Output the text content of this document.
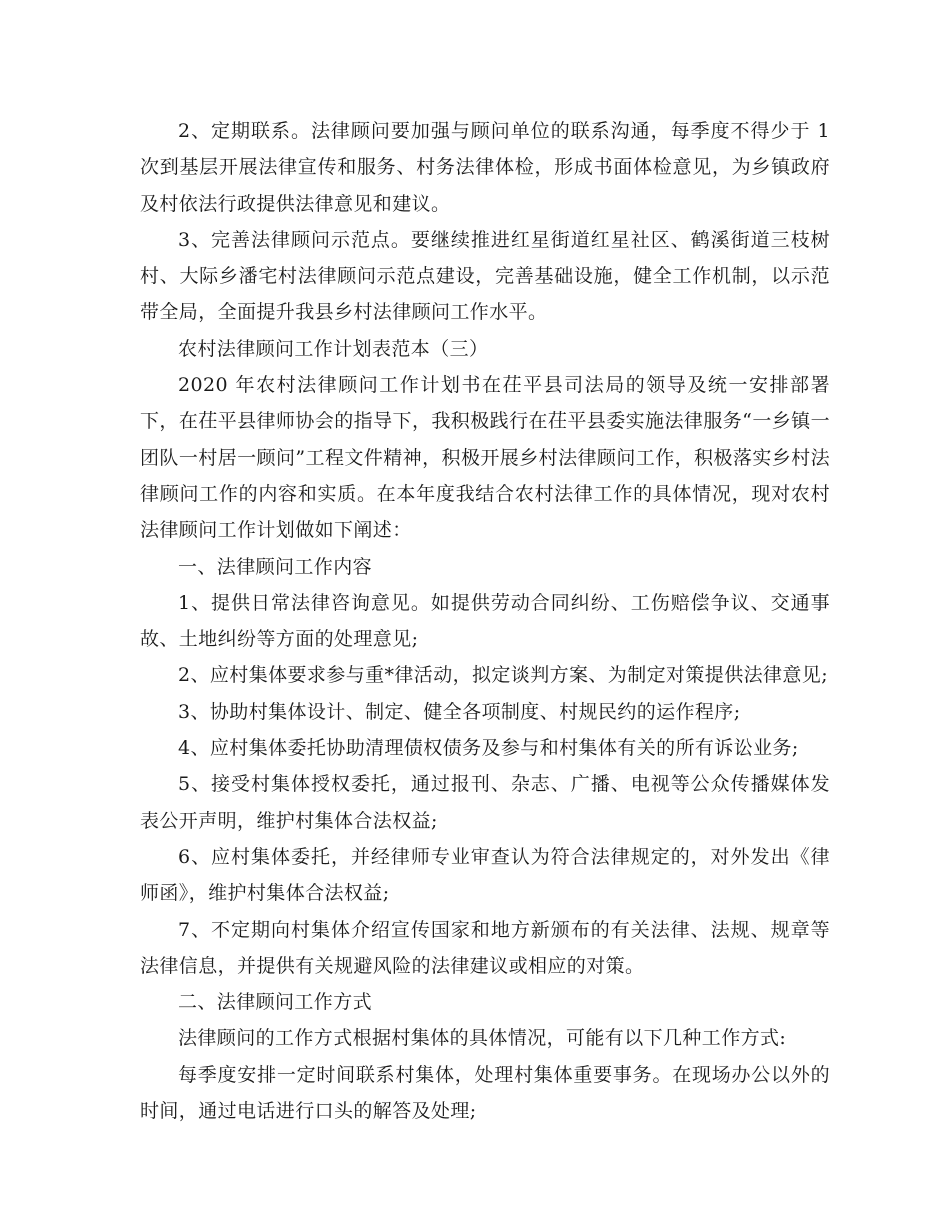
2、定期联系。法律顾问要加强与顾问单位的联系沟通，每季度不得少于 1 次到基层开展法律宣传和服务、村务法律体检，形成书面体检意见，为乡镇政府及村依法行政提供法律意见和建议。

3、完善法律顾问示范点。要继续推进红星街道红星社区、鹤溪街道三枝树村、大际乡潘宅村法律顾问示范点建设，完善基础设施，健全工作机制，以示范带全局，全面提升我县乡村法律顾问工作水平。

农村法律顾问工作计划表范本（三）

2020 年农村法律顾问工作计划书在茌平县司法局的领导及统一安排部署下，在茌平县律师协会的指导下，我积极践行在茌平县委实施法律服务“一乡镇一团队一村居一顾问”工程文件精神，积极开展乡村法律顾问工作，积极落实乡村法律顾问工作的内容和实质。在本年度我结合农村法律工作的具体情况，现对农村法律顾问工作计划做如下阐述：

一、法律顾问工作内容

1、提供日常法律咨询意见。如提供劳动合同纠纷、工伤赔偿争议、交通事故、土地纠纷等方面的处理意见;

2、应村集体要求参与重*律活动，拟定谈判方案、为制定对策提供法律意见;

3、协助村集体设计、制定、健全各项制度、村规民约的运作程序;

4、应村集体委托协助清理债权债务及参与和村集体有关的所有诉讼业务;

5、接受村集体授权委托，通过报刊、杂志、广播、电视等公众传播媒体发表公开声明，维护村集体合法权益;

6、应村集体委托，并经律师专业审查认为符合法律规定的，对外发出《律师函》，维护村集体合法权益;

7、不定期向村集体介绍宣传国家和地方新颁布的有关法律、法规、规章等法律信息，并提供有关规避风险的法律建议或相应的对策。

二、法律顾问工作方式

法律顾问的工作方式根据村集体的具体情况，可能有以下几种工作方式:

每季度安排一定时间联系村集体，处理村集体重要事务。在现场办公以外的时间，通过电话进行口头的解答及处理;
